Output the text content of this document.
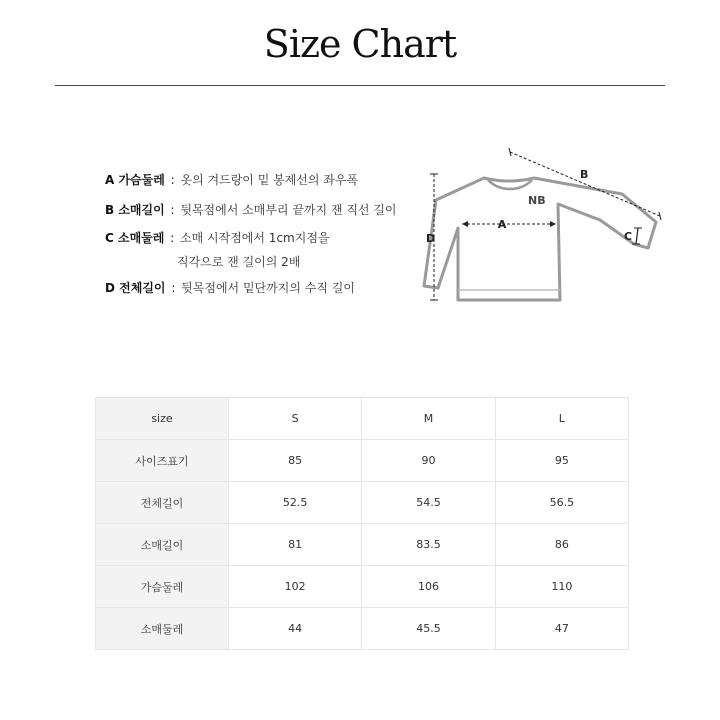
Size Chart
A 가슴둘레 : 옷의 겨드랑이 밑 봉제선의 좌우폭
B 소매길이 : 뒷목점에서 소매부리 끝까지 잰 직선 길이
C 소매둘레 : 소매 시작점에서 1cm지점을
직각으로 잰 길이의 2배
D 전체길이 : 뒷목점에서 밑단까지의 수직 길이
NB
A
D
B
C
size	S	M	L
사이즈표기	85	90	95
전체길이	52.5	54.5	56.5
소매길이	81	83.5	86
가슴둘레	102	106	110
소매둘레	44	45.5	47
